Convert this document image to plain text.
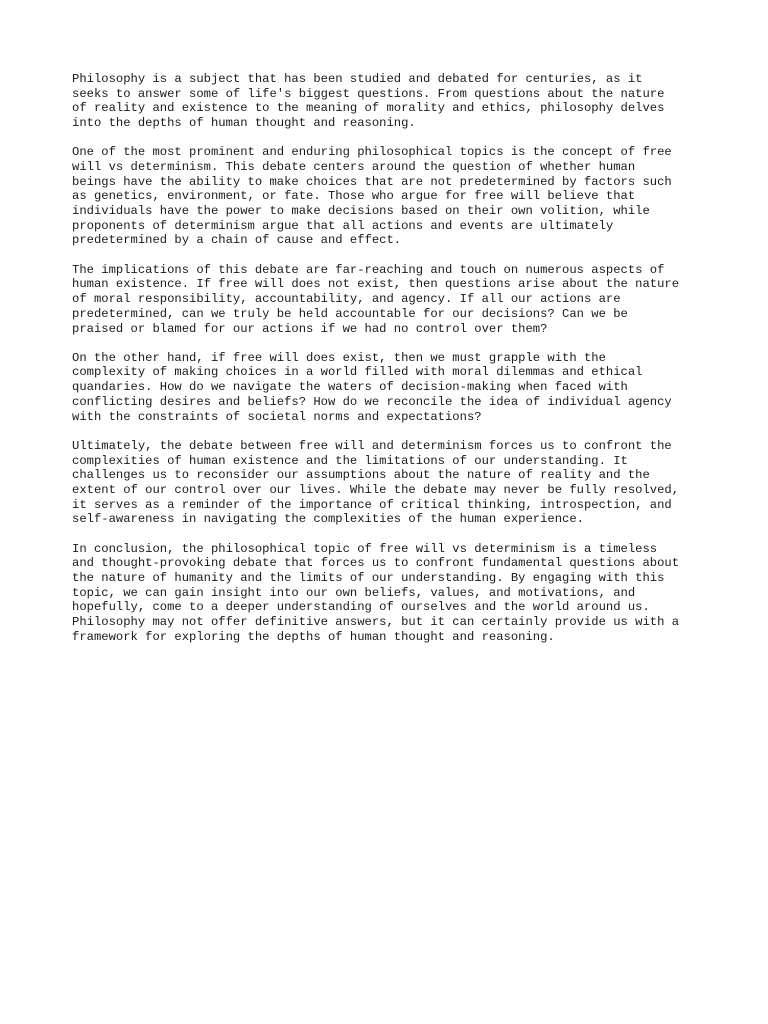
Philosophy is a subject that has been studied and debated for centuries, as it
seeks to answer some of life's biggest questions. From questions about the nature
of reality and existence to the meaning of morality and ethics, philosophy delves
into the depths of human thought and reasoning.

One of the most prominent and enduring philosophical topics is the concept of free
will vs determinism. This debate centers around the question of whether human
beings have the ability to make choices that are not predetermined by factors such
as genetics, environment, or fate. Those who argue for free will believe that
individuals have the power to make decisions based on their own volition, while
proponents of determinism argue that all actions and events are ultimately
predetermined by a chain of cause and effect.

The implications of this debate are far-reaching and touch on numerous aspects of
human existence. If free will does not exist, then questions arise about the nature
of moral responsibility, accountability, and agency. If all our actions are
predetermined, can we truly be held accountable for our decisions? Can we be
praised or blamed for our actions if we had no control over them?

On the other hand, if free will does exist, then we must grapple with the
complexity of making choices in a world filled with moral dilemmas and ethical
quandaries. How do we navigate the waters of decision-making when faced with
conflicting desires and beliefs? How do we reconcile the idea of individual agency
with the constraints of societal norms and expectations?

Ultimately, the debate between free will and determinism forces us to confront the
complexities of human existence and the limitations of our understanding. It
challenges us to reconsider our assumptions about the nature of reality and the
extent of our control over our lives. While the debate may never be fully resolved,
it serves as a reminder of the importance of critical thinking, introspection, and
self-awareness in navigating the complexities of the human experience.

In conclusion, the philosophical topic of free will vs determinism is a timeless
and thought-provoking debate that forces us to confront fundamental questions about
the nature of humanity and the limits of our understanding. By engaging with this
topic, we can gain insight into our own beliefs, values, and motivations, and
hopefully, come to a deeper understanding of ourselves and the world around us.
Philosophy may not offer definitive answers, but it can certainly provide us with a
framework for exploring the depths of human thought and reasoning.
